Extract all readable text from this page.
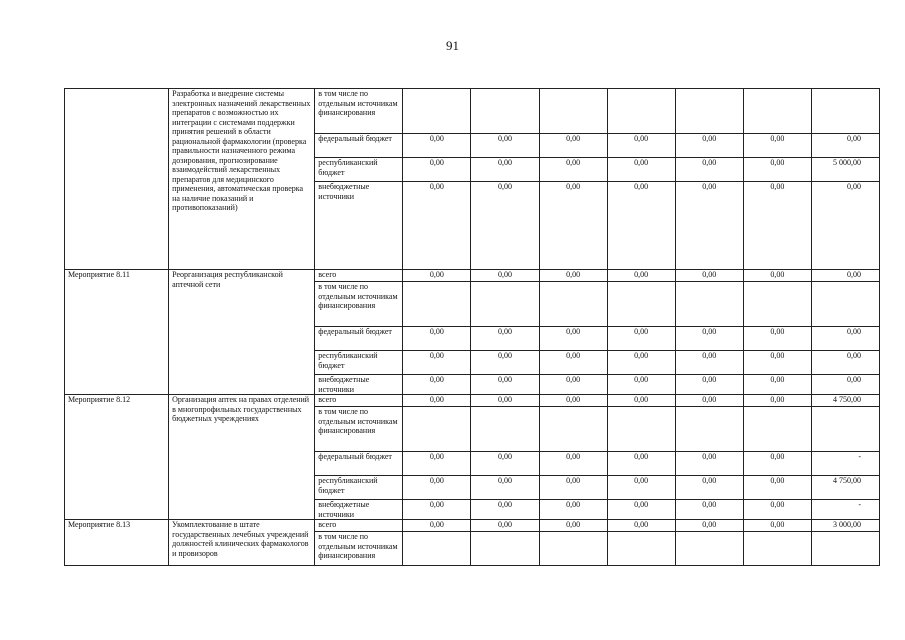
91
	Разработка и внедрение системы электронных назначений лекарственных препаратов с возможностью их интеграции с системами поддержки принятия решений в области рациональной фармакологии (проверка правильности назначенного режима дозирования, прогнозирование взаимодействий лекарственных препаратов для медицинского применения, автоматическая проверка на наличие показаний и противопоказаний)	в том числе по отдельным источникам финансирования							
		федеральный бюджет	0,00	0,00	0,00	0,00	0,00	0,00	0,00
		республиканский бюджет	0,00	0,00	0,00	0,00	0,00	0,00	5 000,00
		внебюджетные источники	0,00	0,00	0,00	0,00	0,00	0,00	0,00
Мероприятие 8.11	Реорганизация республиканской аптечной сети	всего	0,00	0,00	0,00	0,00	0,00	0,00	0,00
		в том числе по отдельным источникам финансирования							
		федеральный бюджет	0,00	0,00	0,00	0,00	0,00	0,00	0,00
		республиканский бюджет	0,00	0,00	0,00	0,00	0,00	0,00	0,00
		внебюджетные источники	0,00	0,00	0,00	0,00	0,00	0,00	0,00
Мероприятие 8.12	Организация аптек на правах отделений в многопрофильных государственных бюджетных учреждениях	всего	0,00	0,00	0,00	0,00	0,00	0,00	4 750,00
		в том числе по отдельным источникам финансирования							
		федеральный бюджет	0,00	0,00	0,00	0,00	0,00	0,00	-
		республиканский бюджет	0,00	0,00	0,00	0,00	0,00	0,00	4 750,00
		внебюджетные источники	0,00	0,00	0,00	0,00	0,00	0,00	-
Мероприятие 8.13	Укомплектование в штате государственных лечебных учреждений должностей клинических фармакологов и провизоров	всего	0,00	0,00	0,00	0,00	0,00	0,00	3 000,00
		в том числе по отдельным источникам финансирования							
